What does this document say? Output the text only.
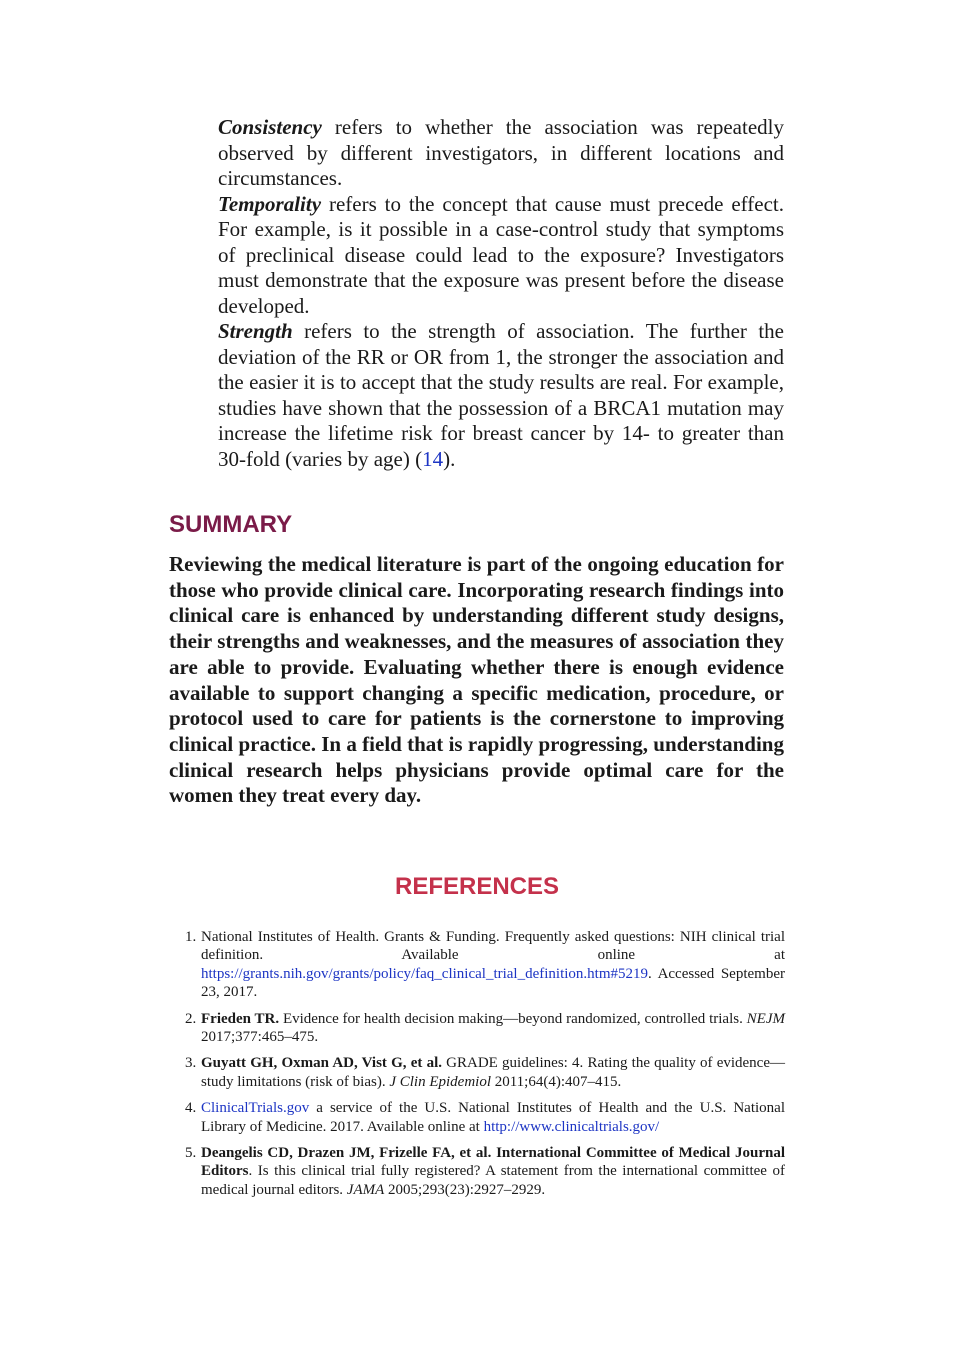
Consistency refers to whether the association was repeatedly observed by different investigators, in different locations and circumstances.

Temporality refers to the concept that cause must precede effect. For example, is it possible in a case-control study that symptoms of preclinical disease could lead to the exposure? Investigators must demonstrate that the exposure was present before the disease developed.

Strength refers to the strength of association. The further the deviation of the RR or OR from 1, the stronger the association and the easier it is to accept that the study results are real. For example, studies have shown that the possession of a BRCA1 mutation may increase the lifetime risk for breast cancer by 14- to greater than 30-fold (varies by age) (14).

SUMMARY

Reviewing the medical literature is part of the ongoing education for those who provide clinical care. Incorporating research findings into clinical care is enhanced by understanding different study designs, their strengths and weaknesses, and the measures of association they are able to provide. Evaluating whether there is enough evidence available to support changing a specific medication, procedure, or protocol used to care for patients is the cornerstone to improving clinical practice. In a field that is rapidly progressing, understanding clinical research helps physicians provide optimal care for the women they treat every day.

REFERENCES
1. National Institutes of Health. Grants & Funding. Frequently asked questions: NIH clinical trial definition. Available online at https://grants.nih.gov/grants/policy/faq_clinical_trial_definition.htm#5219. Accessed September 23, 2017.
2. Frieden TR. Evidence for health decision making—beyond randomized, controlled trials. NEJM 2017;377:465–475.
3. Guyatt GH, Oxman AD, Vist G, et al. GRADE guidelines: 4. Rating the quality of evidence—study limitations (risk of bias). J Clin Epidemiol 2011;64(4):407–415.
4. ClinicalTrials.gov a service of the U.S. National Institutes of Health and the U.S. National Library of Medicine. 2017. Available online at http://www.clinicaltrials.gov/
5. Deangelis CD, Drazen JM, Frizelle FA, et al. International Committee of Medical Journal Editors. Is this clinical trial fully registered? A statement from the international committee of medical journal editors. JAMA 2005;293(23):2927–2929.
